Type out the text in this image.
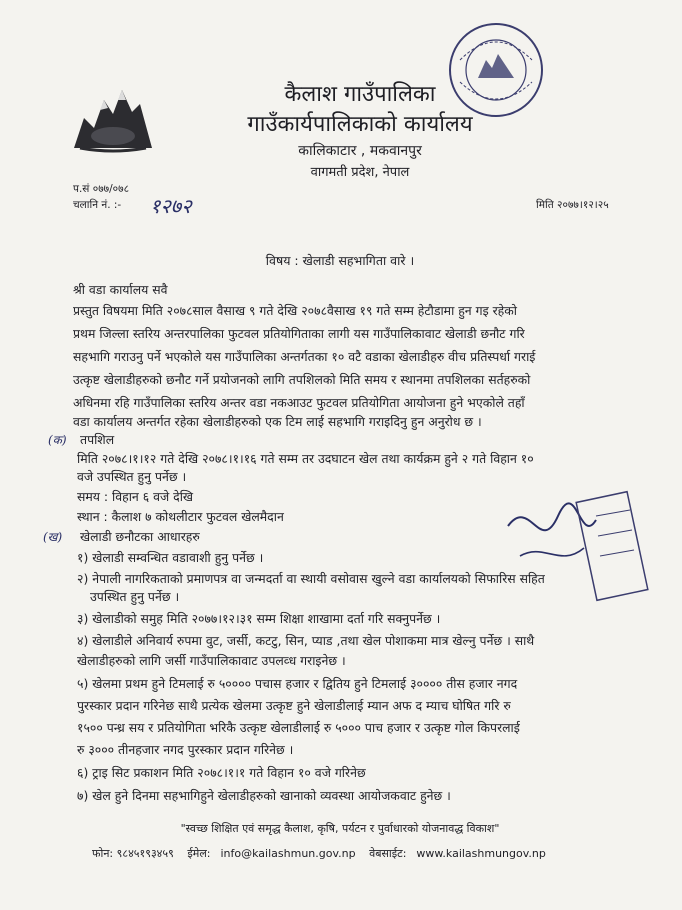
कैलाश गाउँपालिका
गाउँकार्यपालिकाको कार्यालय
कालिकाटार , मकवानपुर
वागमती प्रदेश, नेपाल
प.सं ०७७/०७८
चलानि नं. :- १२७२	मिति २०७७।१२।२५
विषय : खेलाडी सहभागिता वारे ।
श्री वडा कार्यालय सवै
प्रस्तुत विषयमा मिति २०७८साल वैसाख ९ गते देखि २०७८वैसाख १९ गते सम्म हेटौडामा हुन गइ रहेको
प्रथम जिल्ला स्तरिय अन्तरपालिका फुटवल प्रतियोगिताका लागी यस गाउँपालिकावाट खेलाडी छनौट गरि
सहभागि गराउनु पर्ने भएकोले यस गाउँपालिका अन्तर्गतका १० वटै वडाका खेलाडीहरु वीच प्रतिस्पर्धा गराई
उत्कृष्ट खेलाडीहरुको छनौट गर्ने प्रयोजनको लागि तपशिलको मिति समय र स्थानमा तपशिलका सर्तहरुको
अधिनमा रहि गाउँपालिका स्तरिय अन्तर वडा नकआउट फुटवल प्रतियोगिता आयोजना हुने भएकोले तहाँ
वडा कार्यालय अन्तर्गत रहेका खेलाडीहरुको एक टिम लाई सहभागि गराइदिनु हुन अनुरोध छ ।
(क) तपशिल
मिति २०७८।१।१२ गते देखि २०७८।१।१६ गते सम्म तर उदघाटन खेल तथा कार्यक्रम हुने २ गते विहान १०
वजे उपस्थित हुनु पर्नेछ ।
समय : विहान ६ वजे देखि
स्थान : कैलाश ७ कोथलीटार फुटवल खेलमैदान
(ख) खेलाडी छनौटका आधारहरु
१) खेलाडी सम्वन्धित वडावाशी हुनु पर्नेछ ।
२) नेपाली नागरिकताको प्रमाणपत्र वा जन्मदर्ता वा स्थायी वसोवास खुल्ने वडा कार्यालयको सिफारिस सहित
उपस्थित हुनु पर्नेछ ।
३) खेलाडीको समुह मिति २०७७।१२।३१ सम्म शिक्षा शाखामा दर्ता गरि सक्नुपर्नेछ ।
४) खेलाडीले अनिवार्य रुपमा वुट, जर्सी, कटटु, सिन, प्याड ,तथा खेल पोशाकमा मात्र खेल्नु पर्नेछ । साथै
खेलाडीहरुको लागि जर्सी गाउँपालिकावाट उपलव्ध गराइनेछ ।
५) खेलमा प्रथम हुने टिमलाई रु ५०००० पचास हजार र द्वितिय हुने टिमलाई ३०००० तीस हजार नगद
पुरस्कार प्रदान गरिनेछ साथै प्रत्येक खेलमा उत्कृष्ट हुने खेलाडीलाई म्यान अफ द म्याच घोषित गरि रु
१५०० पन्ध्र सय र प्रतियोगिता भरिकै उत्कृष्ट खेलाडीलाई रु ५००० पाच हजार र उत्कृष्ट गोल किपरलाई
रु ३००० तीनहजार नगद पुरस्कार प्रदान गरिनेछ ।
६) ट्राइ सिट प्रकाशन मिति २०७८।१।१ गते विहान १० वजे गरिनेछ
७) खेल हुने दिनमा सहभागिहुने खेलाडीहरुको खानाको व्यवस्था आयोजकवाट हुनेछ ।
"स्वच्छ शिक्षित एवं समृद्ध कैलाश, कृषि, पर्यटन र पुर्वाधारको योजनावद्ध विकाश"
फोन: ९८४५१९३४५९ ईमेल: info@kailashmun.gov.np वेबसाईट: www.kailashmungov.np
